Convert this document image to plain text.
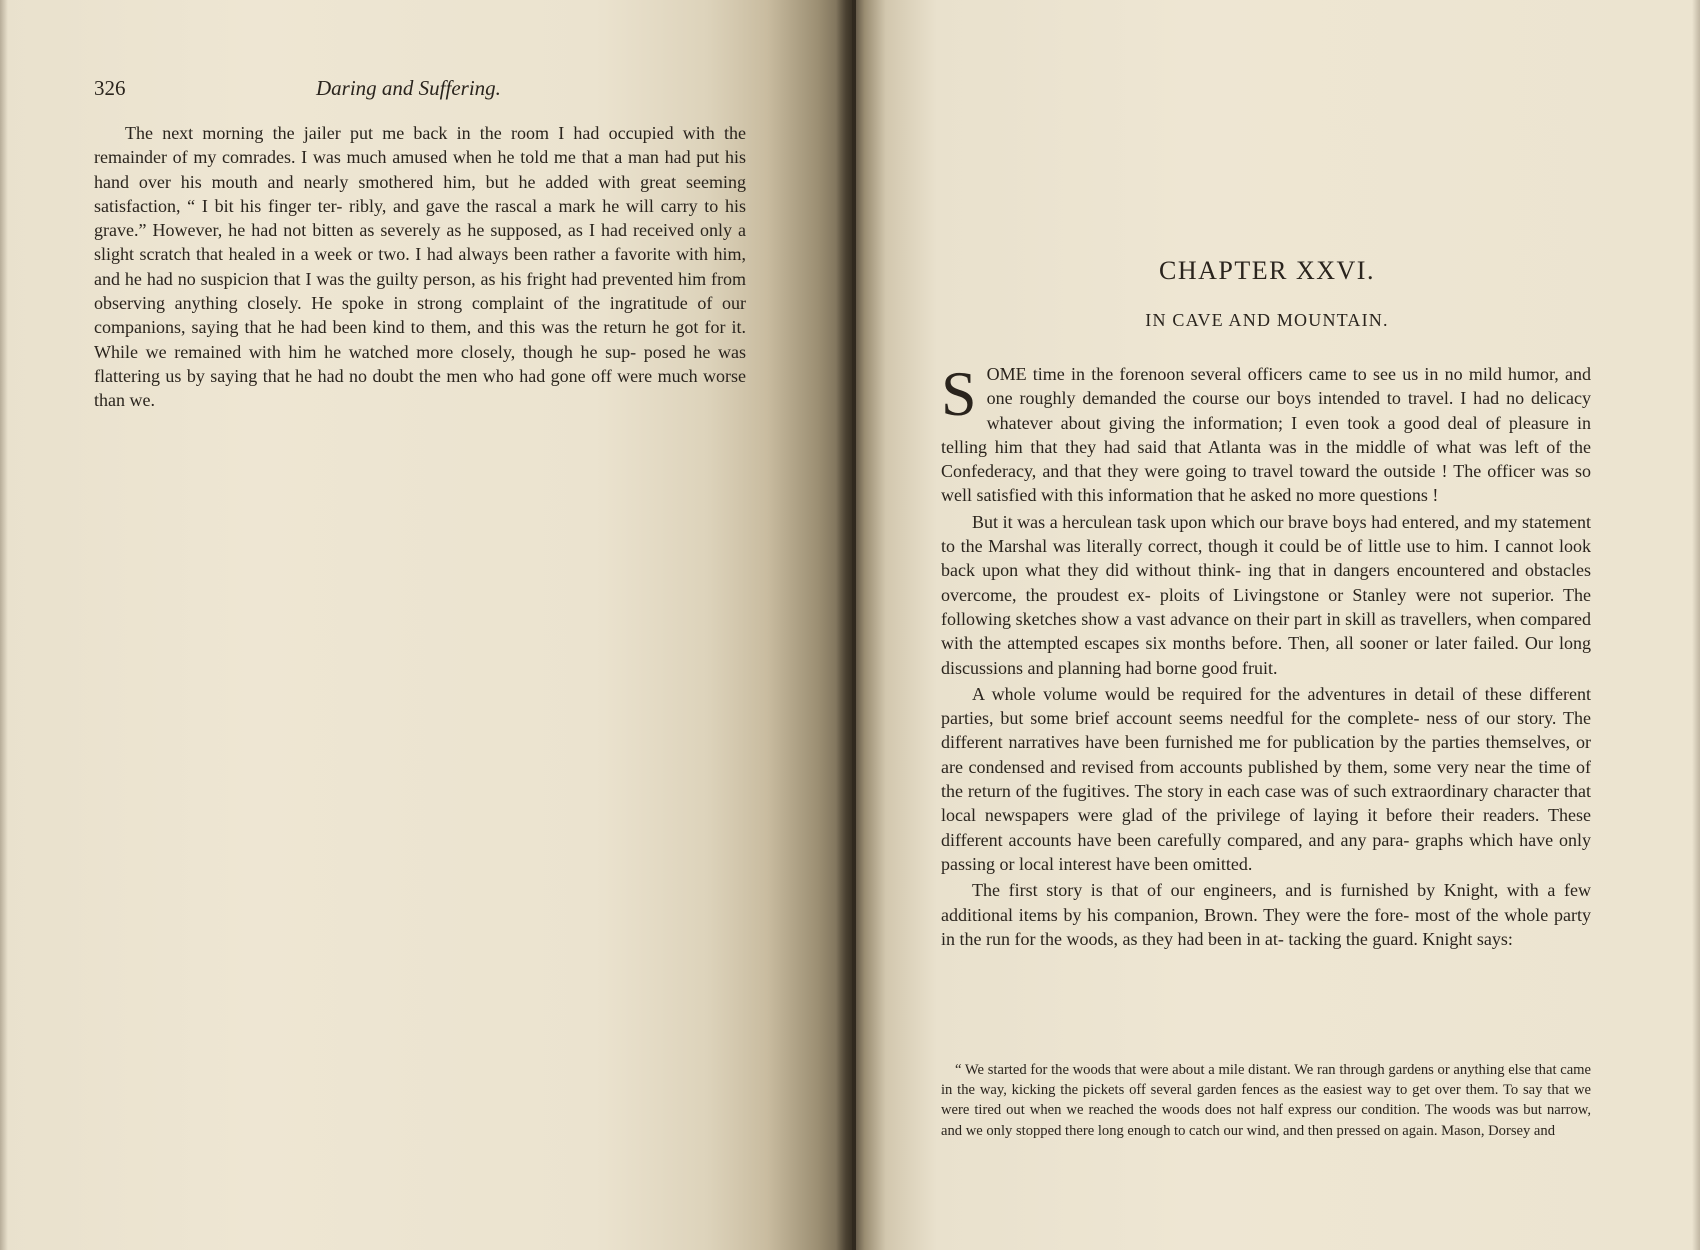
326	Daring and Suffering.

The next morning the jailer put me back in the room I had occupied with the remainder of my comrades. I was much amused when he told me that a man had put his hand over his mouth and nearly smothered him, but he added with great seeming satisfaction, “ I bit his finger ter- ribly, and gave the rascal a mark he will carry to his grave.” However, he had not bitten as severely as he supposed, as I had received only a slight scratch that healed in a week or two. I had always been rather a favorite with him, and he had no suspicion that I was the guilty person, as his fright had prevented him from observing anything closely. He spoke in strong complaint of the ingratitude of our companions, saying that he had been kind to them, and this was the return he got for it. While we remained with him he watched more closely, though he sup- posed he was flattering us by saying that he had no doubt the men who had gone off were much worse than we.

CHAPTER XXVI.
IN CAVE AND MOUNTAIN.

SOME time in the forenoon several officers came to see us in no mild humor, and one roughly demanded the course our boys intended to travel. I had no delicacy whatever about giving the information; I even took a good deal of pleasure in telling him that they had said that Atlanta was in the middle of what was left of the Confederacy, and that they were going to travel toward the outside ! The officer was so well satisfied with this information that he asked no more questions !

But it was a herculean task upon which our brave boys had entered, and my statement to the Marshal was literally correct, though it could be of little use to him. I cannot look back upon what they did without think- ing that in dangers encountered and obstacles overcome, the proudest ex- ploits of Livingstone or Stanley were not superior. The following sketches show a vast advance on their part in skill as travellers, when compared with the attempted escapes six months before. Then, all sooner or later failed. Our long discussions and planning had borne good fruit.

A whole volume would be required for the adventures in detail of these different parties, but some brief account seems needful for the complete- ness of our story. The different narratives have been furnished me for publication by the parties themselves, or are condensed and revised from accounts published by them, some very near the time of the return of the fugitives. The story in each case was of such extraordinary character that local newspapers were glad of the privilege of laying it before their readers. These different accounts have been carefully compared, and any para- graphs which have only passing or local interest have been omitted.

The first story is that of our engineers, and is furnished by Knight, with a few additional items by his companion, Brown. They were the fore- most of the whole party in the run for the woods, as they had been in at- tacking the guard. Knight says:

“ We started for the woods that were about a mile distant. We ran through gardens or anything else that came in the way, kicking the pickets off several garden fences as the easiest way to get over them. To say that we were tired out when we reached the woods does not half express our condition. The woods was but narrow, and we only stopped there long enough to catch our wind, and then pressed on again. Mason, Dorsey and
